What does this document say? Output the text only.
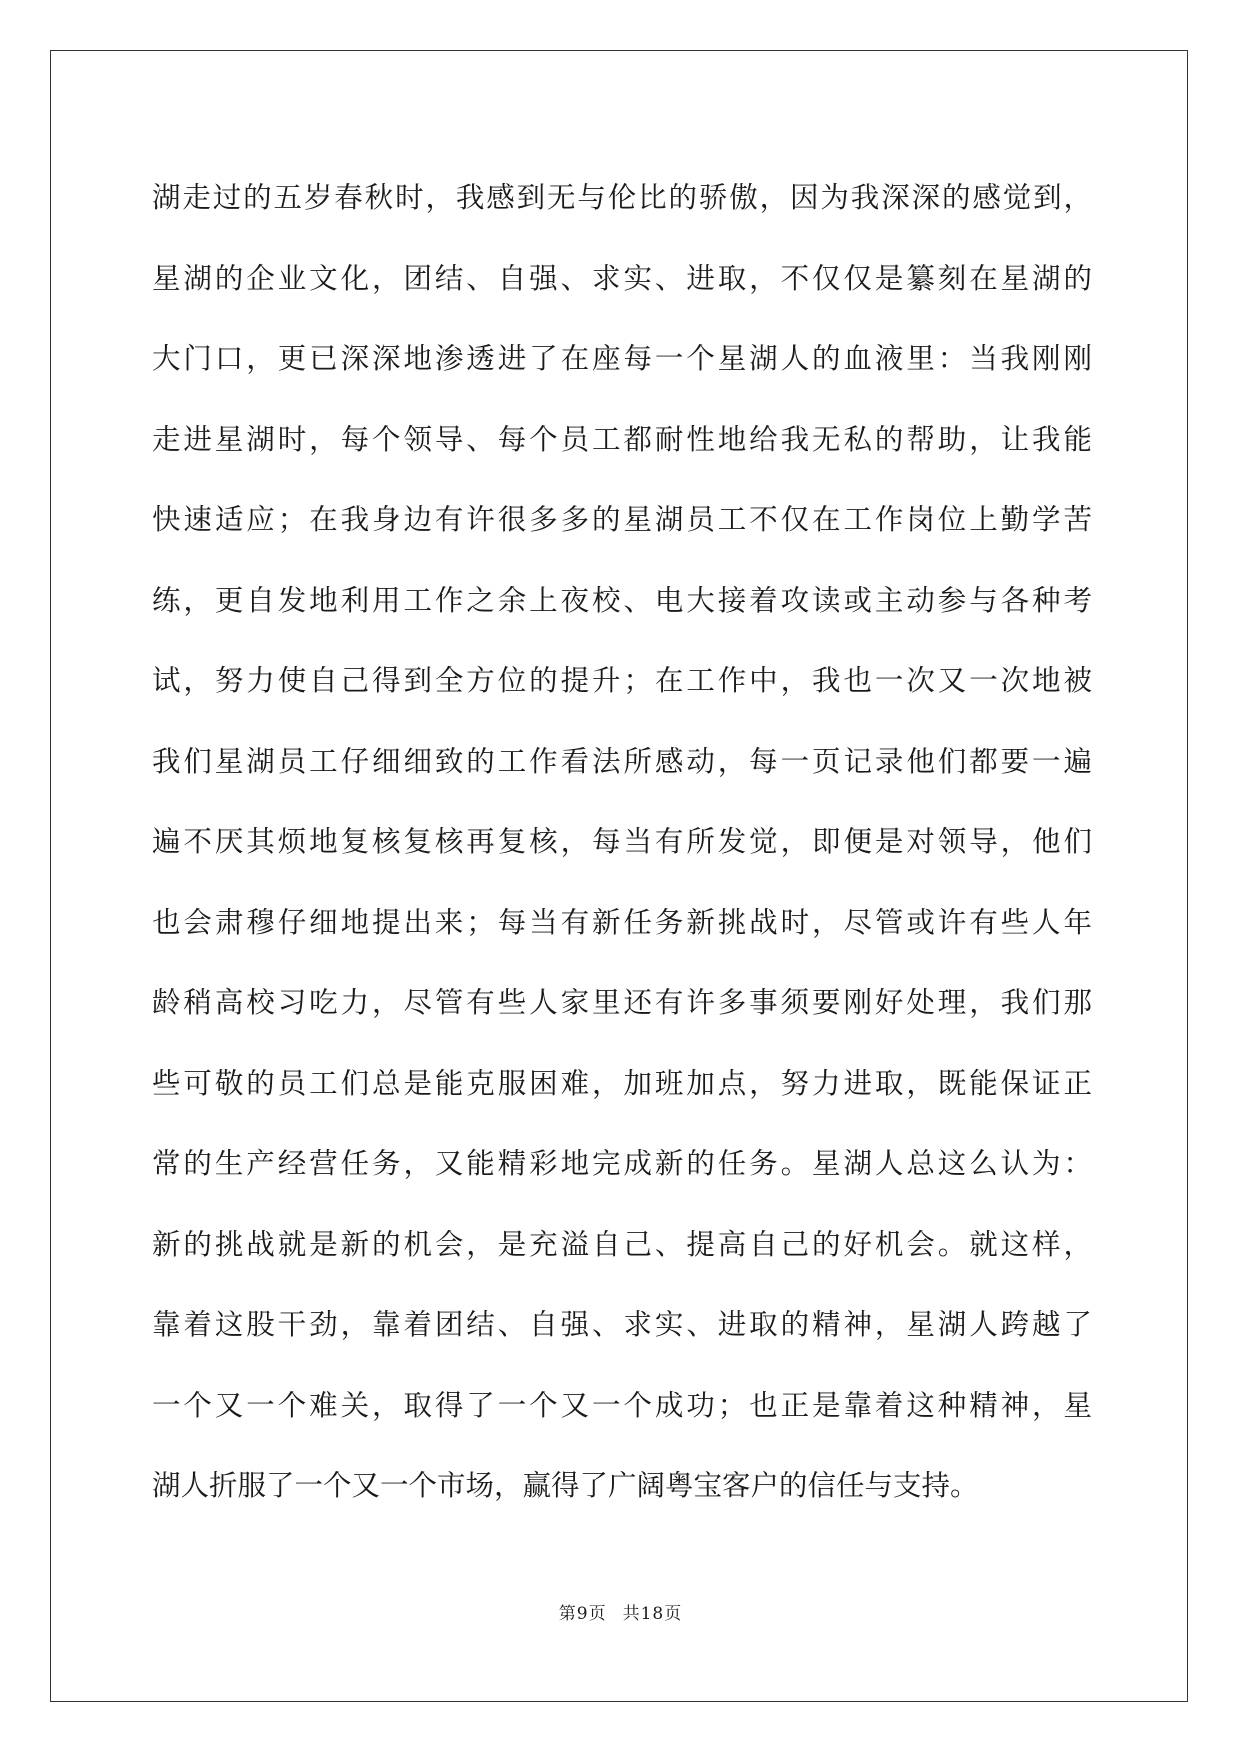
湖走过的五岁春秋时，我感到无与伦比的骄傲，因为我深深的感觉到，
星湖的企业文化，团结、自强、求实、进取，不仅仅是纂刻在星湖的
大门口，更已深深地渗透进了在座每一个星湖人的血液里：当我刚刚
走进星湖时，每个领导、每个员工都耐性地给我无私的帮助，让我能
快速适应；在我身边有许很多多的星湖员工不仅在工作岗位上勤学苦
练，更自发地利用工作之余上夜校、电大接着攻读或主动参与各种考
试，努力使自己得到全方位的提升；在工作中，我也一次又一次地被
我们星湖员工仔细细致的工作看法所感动，每一页记录他们都要一遍
遍不厌其烦地复核复核再复核，每当有所发觉，即便是对领导，他们
也会肃穆仔细地提出来；每当有新任务新挑战时，尽管或许有些人年
龄稍高校习吃力，尽管有些人家里还有许多事须要刚好处理，我们那
些可敬的员工们总是能克服困难，加班加点，努力进取，既能保证正
常的生产经营任务，又能精彩地完成新的任务。星湖人总这么认为：
新的挑战就是新的机会，是充溢自己、提高自己的好机会。就这样，
靠着这股干劲，靠着团结、自强、求实、进取的精神，星湖人跨越了
一个又一个难关，取得了一个又一个成功；也正是靠着这种精神，星
湖人折服了一个又一个市场，赢得了广阔粤宝客户的信任与支持。
第9页 共18页
